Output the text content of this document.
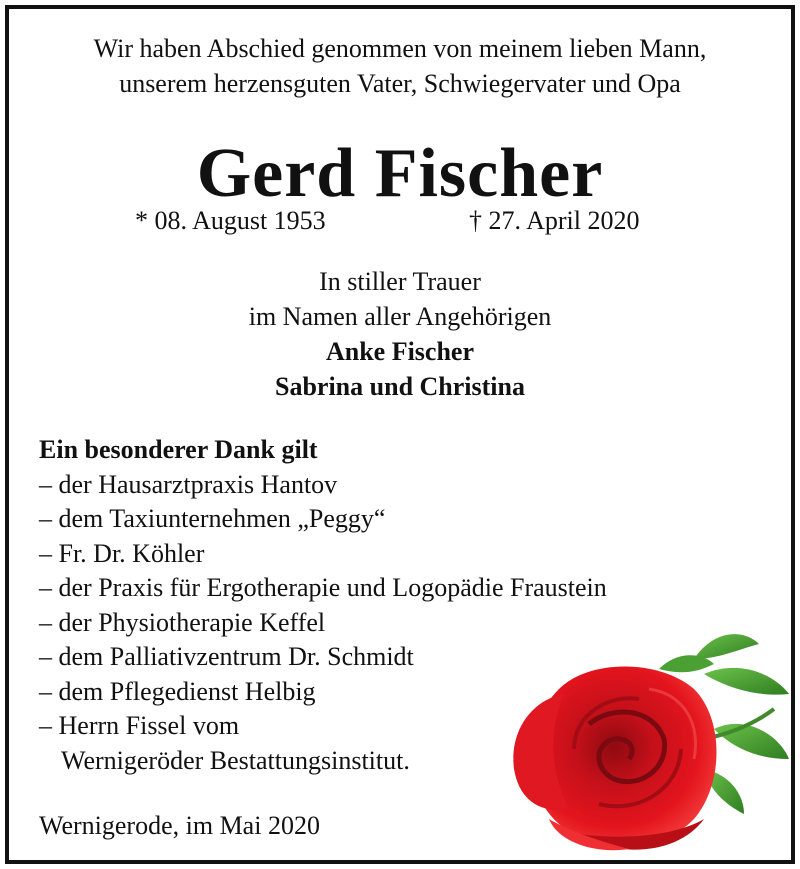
Wir haben Abschied genommen von meinem lieben Mann,
unserem herzensguten Vater, Schwiegervater und Opa
Gerd Fischer
* 08. August 1953	† 27. April 2020
In stiller Trauer
im Namen aller Angehörigen
Anke Fischer
Sabrina und Christina
Ein besonderer Dank gilt
– der Hausarztpraxis Hantov
– dem Taxiunternehmen „Peggy“
– Fr. Dr. Köhler
– der Praxis für Ergotherapie und Logopädie Fraustein
– der Physiotherapie Keffel
– dem Palliativzentrum Dr. Schmidt
– dem Pflegedienst Helbig
– Herrn Fissel vom
Wernigeröder Bestattungsinstitut.
Wernigerode, im Mai 2020
